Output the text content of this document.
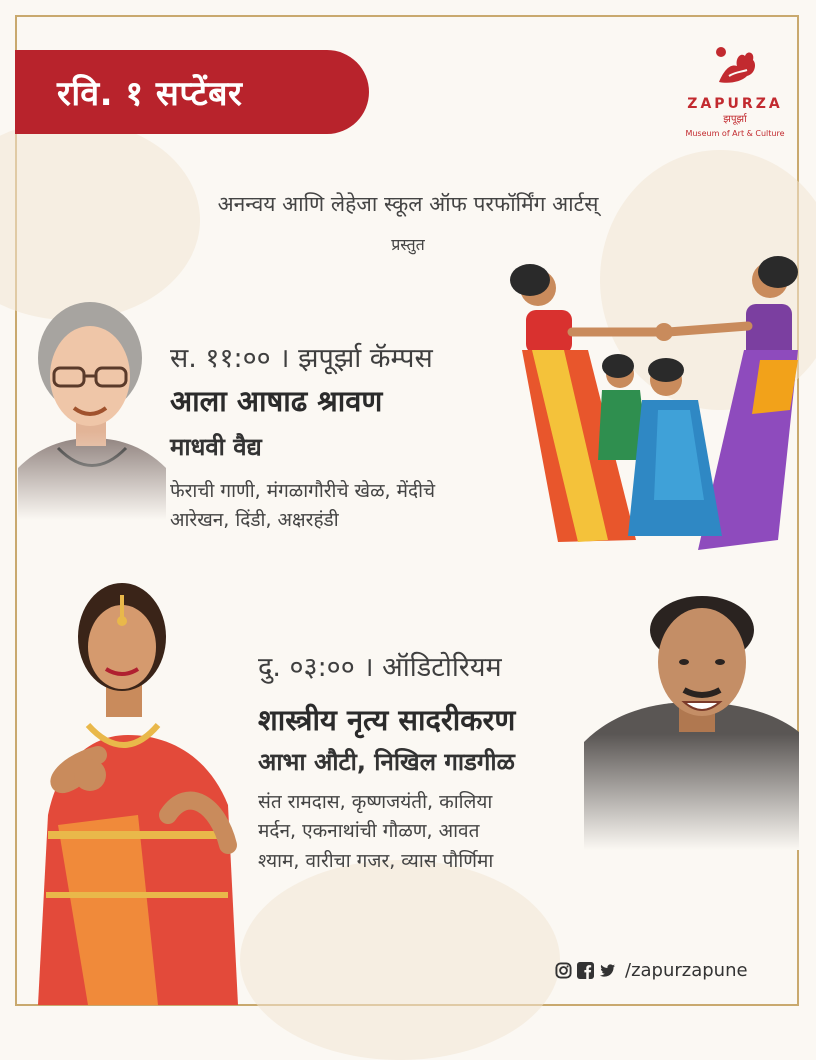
रवि. १ सप्टेंबर	ZAPURZA
झपूर्झा
Museum of Art & Culture
अनन्वय आणि लेहेजा स्कूल ऑफ परफॉर्मिंग आर्टस्
प्रस्तुत
स. ११:०० । झपूर्झा कॅम्पस
आला आषाढ श्रावण
माधवी वैद्य
फेराची गाणी, मंगळागौरीचे खेळ, मेंदीचे
आरेखन, दिंडी, अक्षरहंडी
दु. ०३:०० । ऑडिटोरियम
शास्त्रीय नृत्य सादरीकरण
आभा औटी, निखिल गाडगीळ
संत रामदास, कृष्णजयंती, कालिया
मर्दन, एकनाथांची गौळण, आवत
श्याम, वारीचा गजर, व्यास पौर्णिमा
/zapurzapune
